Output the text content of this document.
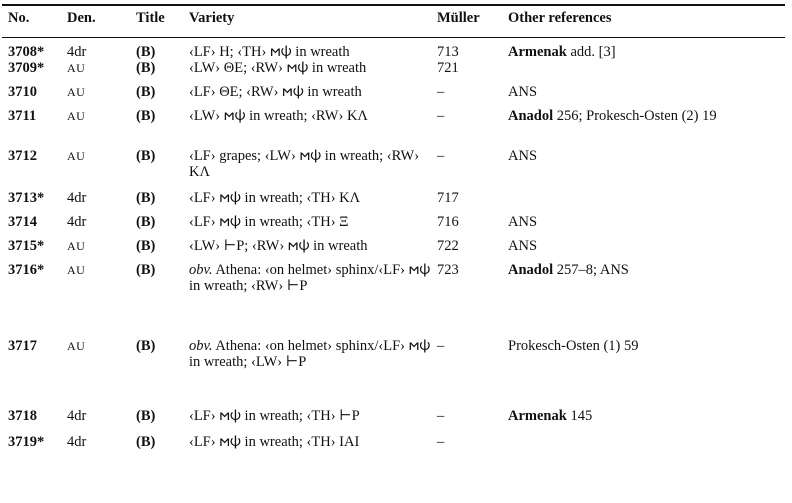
No.	Den.	Title	Variety	Müller	Other references
3708*	4dr	(B)	‹LF› H; ‹TH› 𐌼𐌸 in wreath	713	Armenak add. [3]
3709*	AU	(B)	‹LW› ΘΕ; ‹RW› 𐌼𐌸 in wreath	721	
3710	AU	(B)	‹LF› ΘΕ; ‹RW› 𐌼𐌸 in wreath	–	ANS
3711	AU	(B)	‹LW› 𐌼𐌸 in wreath; ‹RW› ΚΛ	–	Anadol 256; Prokesch-Osten (2) 19
3712	AU	(B)	‹LF› grapes; ‹LW› 𐌼𐌸 in wreath; ‹RW› ΚΛ	–	ANS
3713*	4dr	(B)	‹LF› 𐌼𐌸 in wreath; ‹TH› ΚΛ	717	
3714	4dr	(B)	‹LF› 𐌼𐌸 in wreath; ‹TH› Ξ	716	ANS
3715*	AU	(B)	‹LW› ⊢Ρ; ‹RW› 𐌼𐌸 in wreath	722	ANS
3716*	AU	(B)	obv. Athena: ‹on helmet› sphinx/‹LF› 𐌼𐌸 in wreath; ‹RW› ⊢Ρ	723	Anadol 257–8; ANS
3717	AU	(B)	obv. Athena: ‹on helmet› sphinx/‹LF› 𐌼𐌸 in wreath; ‹LW› ⊢Ρ	–	Prokesch-Osten (1) 59
3718	4dr	(B)	‹LF› 𐌼𐌸 in wreath; ‹TH› ⊢Ρ	–	Armenak 145
3719*	4dr	(B)	‹LF› 𐌼𐌸 in wreath; ‹TH› ΙΑΙ	–	
